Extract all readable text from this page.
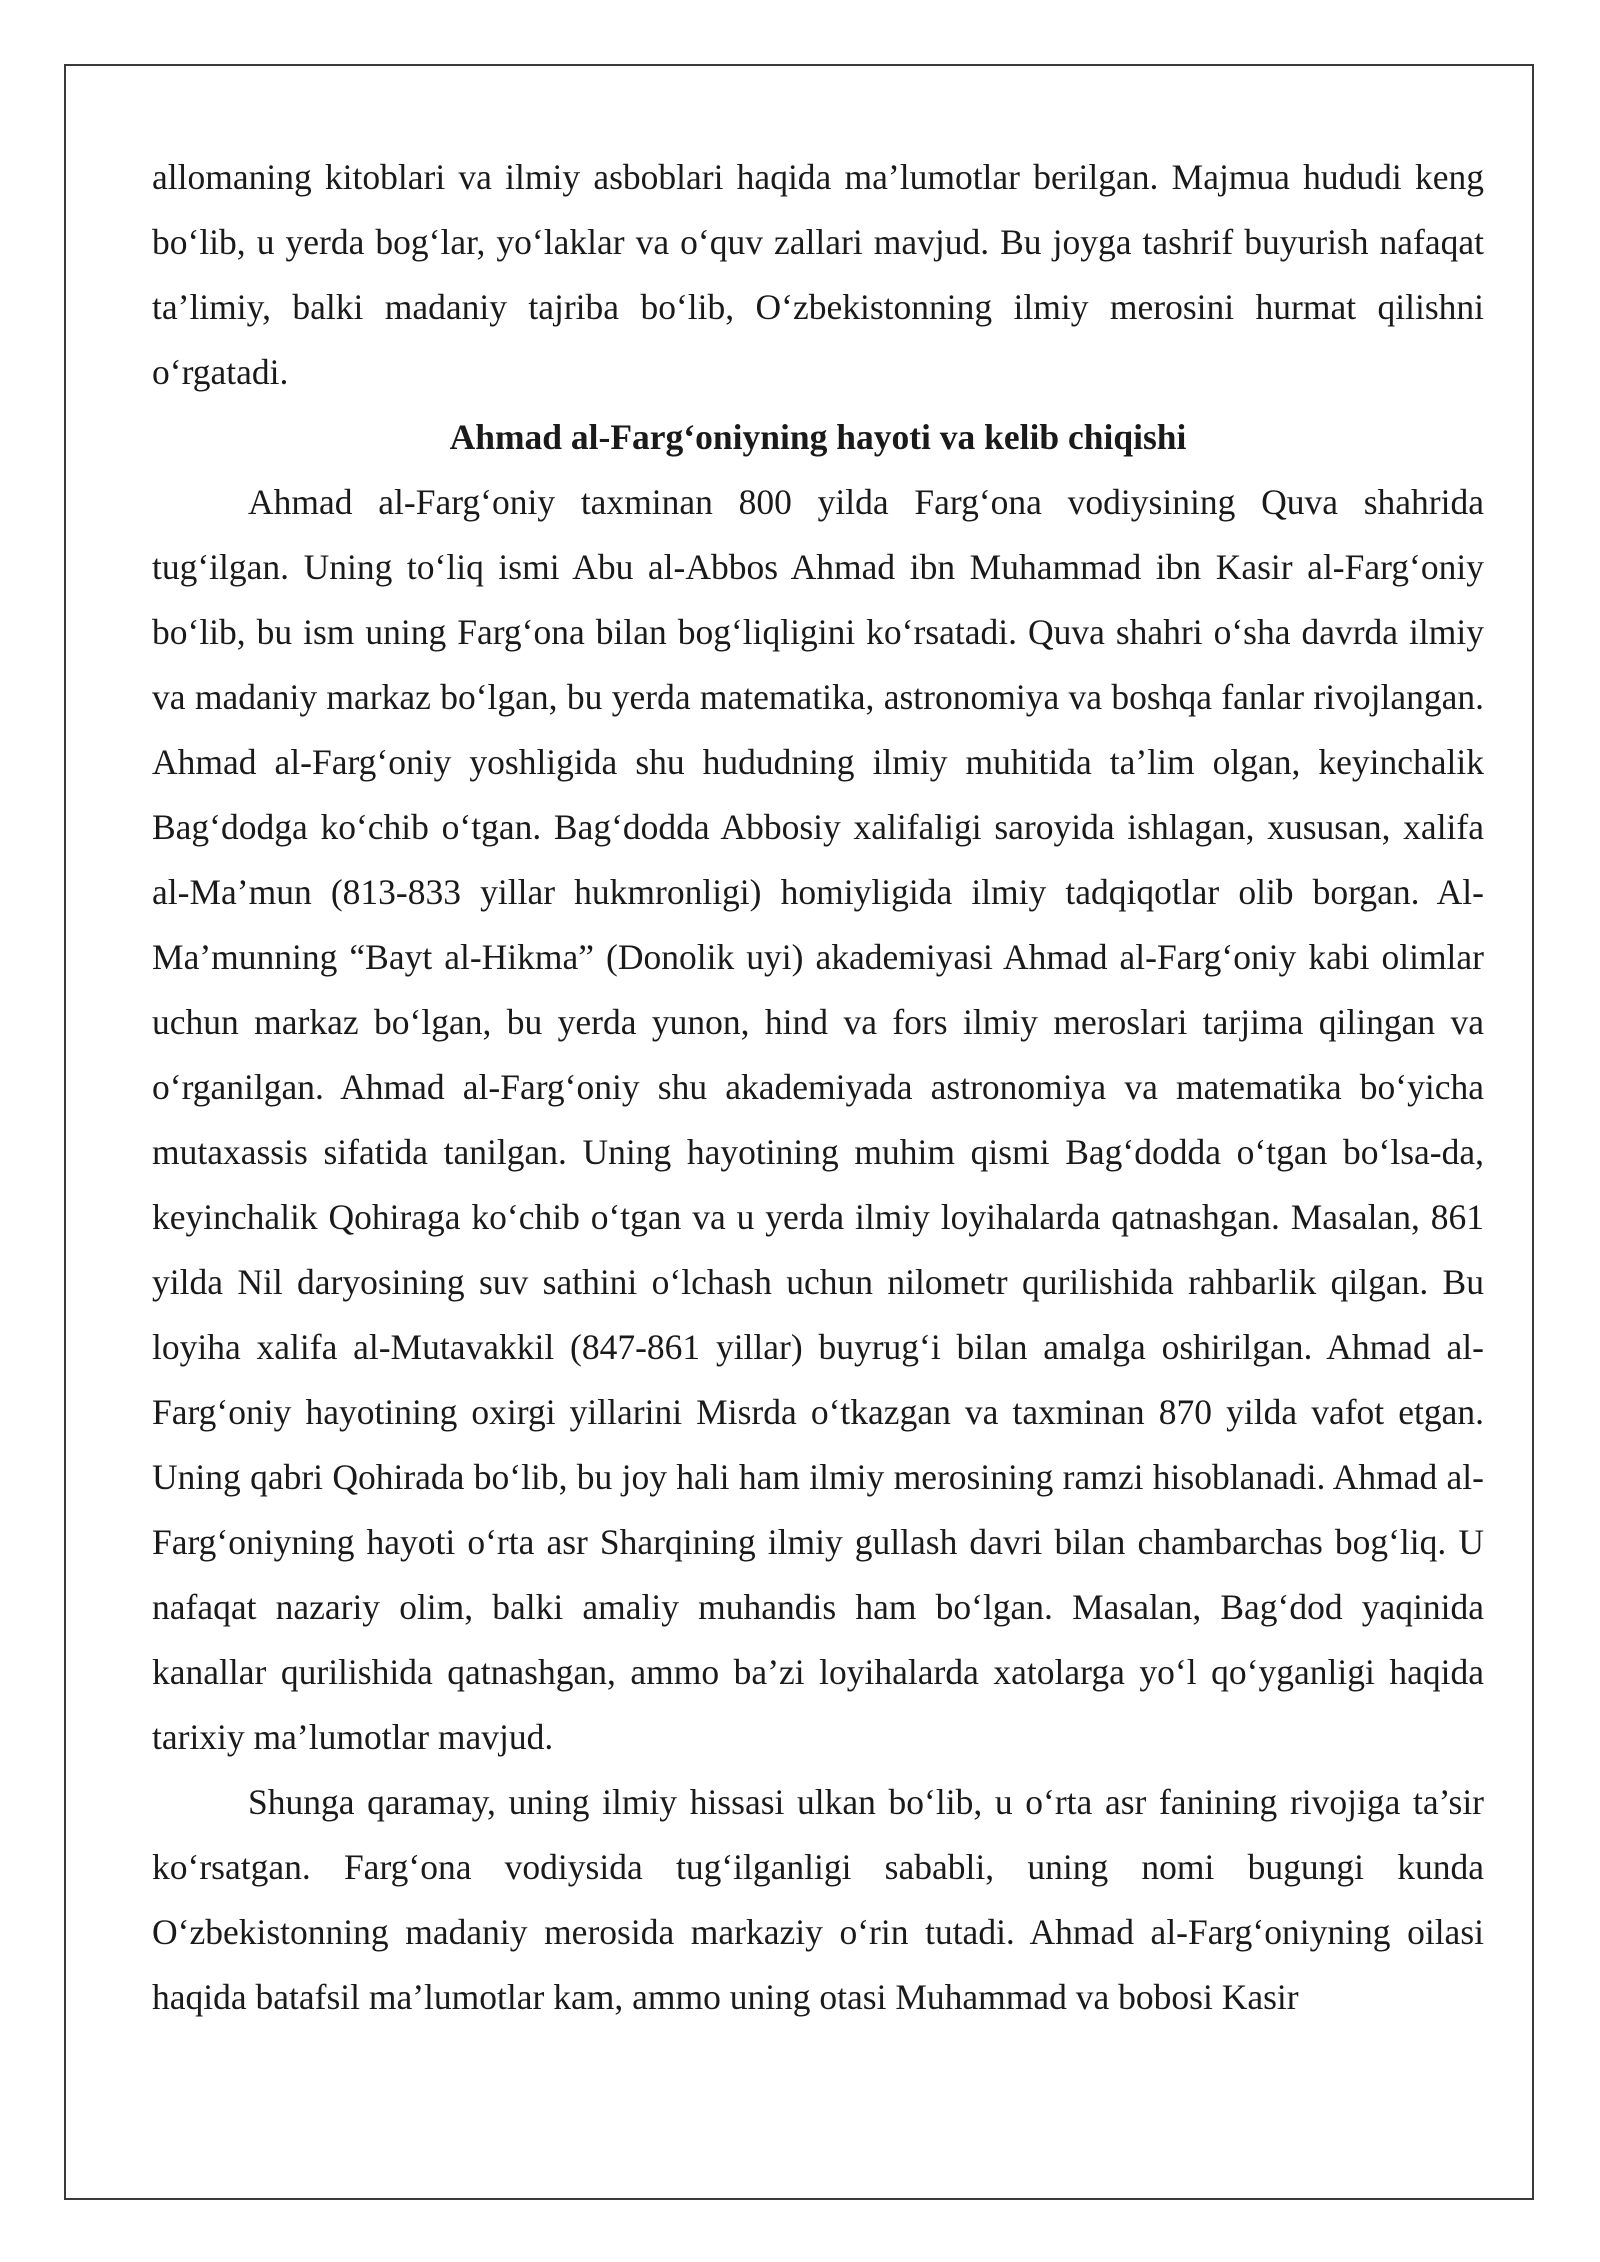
allomaning kitoblari va ilmiy asboblari haqida ma’lumotlar berilgan. Majmua hududi keng bo‘lib, u yerda bog‘lar, yo‘laklar va o‘quv zallari mavjud. Bu joyga tashrif buyurish nafaqat ta’limiy, balki madaniy tajriba bo‘lib, O‘zbekistonning ilmiy merosini hurmat qilishni o‘rgatadi.

Ahmad al-Farg‘oniyning hayoti va kelib chiqishi

Ahmad al-Farg‘oniy taxminan 800 yilda Farg‘ona vodiysining Quva shahrida tug‘ilgan. Uning to‘liq ismi Abu al-Abbos Ahmad ibn Muhammad ibn Kasir al-Farg‘oniy bo‘lib, bu ism uning Farg‘ona bilan bog‘liqligini ko‘rsatadi. Quva shahri o‘sha davrda ilmiy va madaniy markaz bo‘lgan, bu yerda matematika, astronomiya va boshqa fanlar rivojlangan. Ahmad al-Farg‘oniy yoshligida shu hududning ilmiy muhitida ta’lim olgan, keyinchalik Bag‘dodga ko‘chib o‘tgan. Bag‘dodda Abbosiy xalifaligi saroyida ishlagan, xususan, xalifa al-Ma’mun (813-833 yillar hukmronligi) homiyligida ilmiy tadqiqotlar olib borgan. Al-Ma’munning “Bayt al-Hikma” (Donolik uyi) akademiyasi Ahmad al-Farg‘oniy kabi olimlar uchun markaz bo‘lgan, bu yerda yunon, hind va fors ilmiy meroslari tarjima qilingan va o‘rganilgan. Ahmad al-Farg‘oniy shu akademiyada astronomiya va matematika bo‘yicha mutaxassis sifatida tanilgan. Uning hayotining muhim qismi Bag‘dodda o‘tgan bo‘lsa-da, keyinchalik Qohiraga ko‘chib o‘tgan va u yerda ilmiy loyihalarda qatnashgan. Masalan, 861 yilda Nil daryosining suv sathini o‘lchash uchun nilometr qurilishida rahbarlik qilgan. Bu loyiha xalifa al-Mutavakkil (847-861 yillar) buyrug‘i bilan amalga oshirilgan. Ahmad al-Farg‘oniy hayotining oxirgi yillarini Misrda o‘tkazgan va taxminan 870 yilda vafot etgan. Uning qabri Qohirada bo‘lib, bu joy hali ham ilmiy merosining ramzi hisoblanadi. Ahmad al-Farg‘oniyning hayoti o‘rta asr Sharqining ilmiy gullash davri bilan chambarchas bog‘liq. U nafaqat nazariy olim, balki amaliy muhandis ham bo‘lgan. Masalan, Bag‘dod yaqinida kanallar qurilishida qatnashgan, ammo ba’zi loyihalarda xatolarga yo‘l qo‘yganligi haqida tarixiy ma’lumotlar mavjud.

Shunga qaramay, uning ilmiy hissasi ulkan bo‘lib, u o‘rta asr fanining rivojiga ta’sir ko‘rsatgan. Farg‘ona vodiysida tug‘ilganligi sababli, uning nomi bugungi kunda O‘zbekistonning madaniy merosida markaziy o‘rin tutadi. Ahmad al-Farg‘oniyning oilasi haqida batafsil ma’lumotlar kam, ammo uning otasi Muhammad va bobosi Kasir
